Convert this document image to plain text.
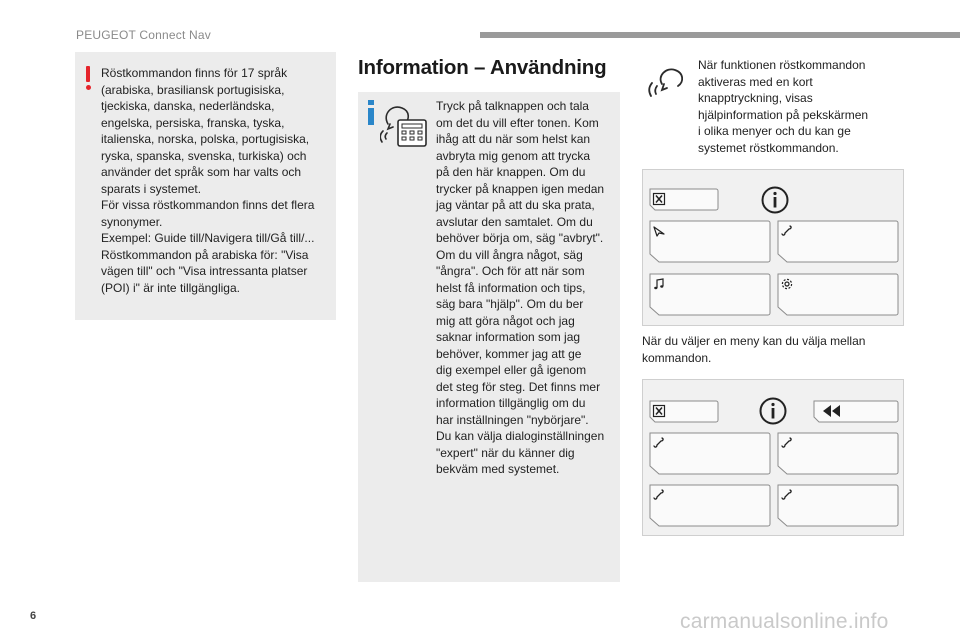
PEUGEOT Connect Nav
Röstkommandon finns för 17 språk
(arabiska, brasiliansk portugisiska,
tjeckiska, danska, nederländska,
engelska, persiska, franska, tyska,
italienska, norska, polska, portugisiska,
ryska, spanska, svenska, turkiska) och
använder det språk som har valts och
sparats i systemet.
För vissa röstkommandon finns det flera
synonymer.
Exempel: Guide till/Navigera till/Gå till/...
Röstkommandon på arabiska för: "Visa
vägen till" och "Visa intressanta platser
(POI) i" är inte tillgängliga.
Information – Användning
Tryck på talknappen och tala
om det du vill efter tonen. Kom
ihåg att du när som helst kan
avbryta mig genom att trycka
på den här knappen. Om du
trycker på knappen igen medan
jag väntar på att du ska prata,
avslutar den samtalet. Om du
behöver börja om, säg "avbryt".
Om du vill ångra något, säg
"ångra". Och för att när som
helst få information och tips,
säg bara "hjälp". Om du ber
mig att göra något och jag
saknar information som jag
behöver, kommer jag att ge
dig exempel eller gå igenom
det steg för steg. Det finns mer
information tillgänglig om du
har inställningen "nybörjare".
Du kan välja dialoginställningen
"expert" när du känner dig
bekväm med systemet.
När funktionen röstkommandon
aktiveras med en kort
knapptryckning, visas
hjälpinformation på pekskärmen
i olika menyer och du kan ge
systemet röstkommandon.
När du väljer en meny kan du välja mellan
kommandon.
6	carmanualsonline.info
